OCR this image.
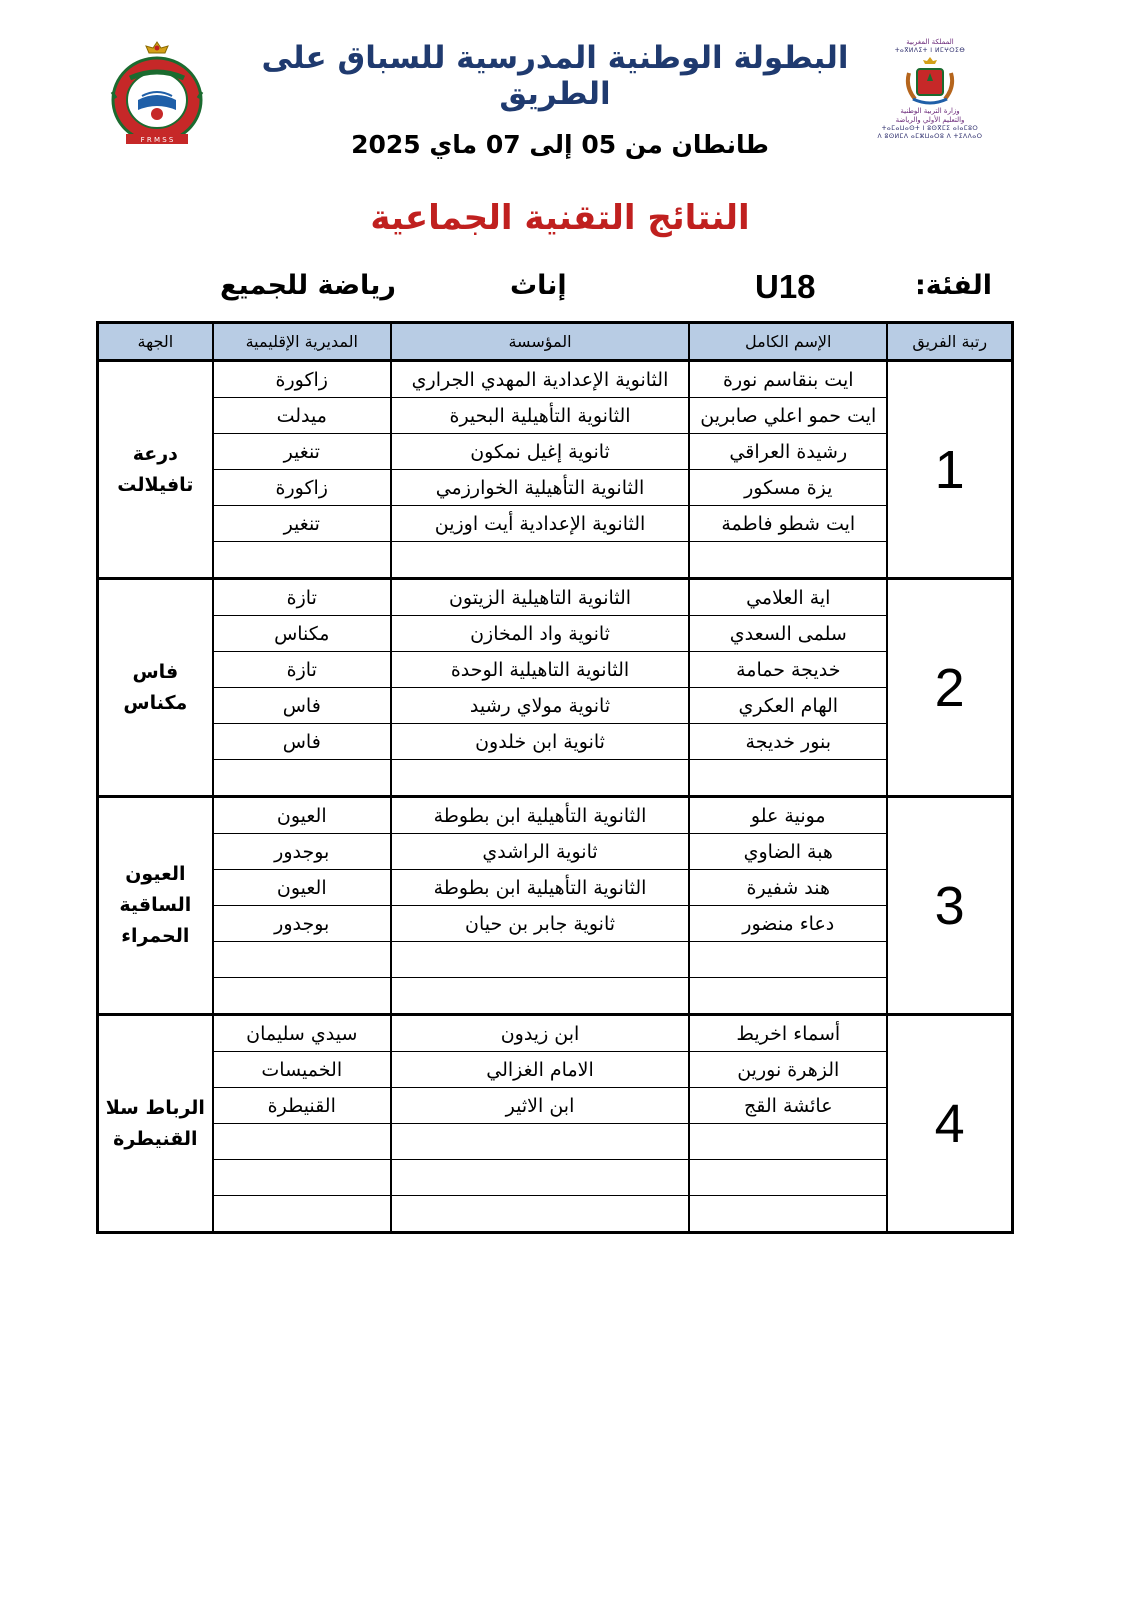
F R M S S
المملكة المغربية
ⵜⴰⴳⵍⴷⵉⵜ ⵏ ⵍⵎⵖⵔⵉⴱ
وزارة التربية الوطنية
والتعليم الأولي والرياضة
ⵜⴰⵎⴰⵡⴰⵙⵜ ⵏ ⵓⵙⴳⵎⵉ ⴰⵏⴰⵎⵓⵔ
ⴷ ⵓⵙⵍⵎⴷ ⴰⵎⵣⵡⴰⵔⵓ ⴷ ⵜⵉⴷⴷⴰⵔ
البطولة الوطنية المدرسية للسباق على الطريق
طانطان من 05 إلى 07 ماي 2025
النتائج التقنية الجماعية
الفئة:
U18
إناث
رياضة للجميع
رتبة الفريق	الإسم الكامل	المؤسسة	المديرية الإقليمية	الجهة
1	ايت بنقاسم نورة	الثانوية الإعدادية المهدي الجراري	زاكورة	درعة تافيلالت
	ايت حمو اعلي صابرين	الثانوية التأهيلية البحيرة	ميدلت	
	رشيدة العراقي	ثانوية إغيل نمكون	تنغير	
	يزة مسكور	الثانوية التأهيلية الخوارزمي	زاكورة	
	ايت شطو فاطمة	الثانوية الإعدادية أيت اوزين	تنغير	

2	اية العلامي	الثانوية التاهيلية الزيتون	تازة	فاس مكناس
	سلمى السعدي	ثانوية واد المخازن	مكناس	
	خديجة حمامة	الثانوية التاهيلية الوحدة	تازة	
	الهام العكري	ثانوية مولاي رشيد	فاس	
	بنور خديجة	ثانوية ابن خلدون	فاس	

3	مونية علو	الثانوية التأهيلية ابن بطوطة	العيون	العيون الساقية الحمراء
	هبة الضاوي	ثانوية الراشدي	بوجدور	
	هند شفيرة	الثانوية التأهيلية ابن بطوطة	العيون	
	دعاء منضور	ثانوية جابر بن حيان	بوجدور	

4	أسماء اخريط	ابن زيدون	سيدي سليمان	الرباط سلا القنيطرة
	الزهرة نورين	الامام الغزالي	الخميسات	
	عائشة القج	ابن الاثير	القنيطرة	
